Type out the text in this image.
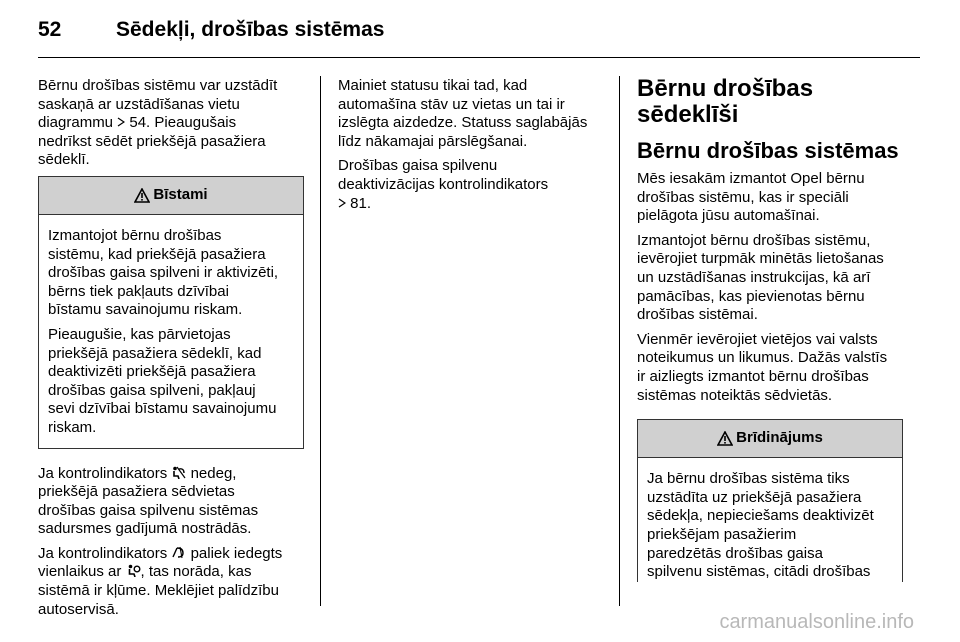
52	Sēdekļi, drošības sistēmas

Bērnu drošības sistēmu var uzstādīt
saskaņā ar uzstādīšanas vietu
diagrammu  54. Pieaugušais
nedrīkst sēdēt priekšējā pasažiera
sēdeklī.

Bīstami

Izmantojot bērnu drošības
sistēmu, kad priekšējā pasažiera
drošības gaisa spilveni ir aktivizēti,
bērns tiek pakļauts dzīvībai
bīstamu savainojumu riskam.

Pieaugušie, kas pārvietojas
priekšējā pasažiera sēdeklī, kad
deaktivizēti priekšējā pasažiera
drošības gaisa spilveni, pakļauj
sevi dzīvībai bīstamu savainojumu
riskam.

Ja kontrolindikators  nedeg,
priekšējā pasažiera sēdvietas
drošības gaisa spilvenu sistēmas
sadursmes gadījumā nostrādās.

Ja kontrolindikators  paliek iedegts
vienlaikus ar , tas norāda, kas
sistēmā ir kļūme. Meklējiet palīdzību
autoservisā.

Mainiet statusu tikai tad, kad
automašīna stāv uz vietas un tai ir
izslēgta aizdedze. Statuss saglabājās
līdz nākamajai pārslēgšanai.

Drošības gaisa spilvenu
deaktivizācijas kontrolindikators
81.

Bērnu drošības
sēdeklīši
Bērnu drošības sistēmas

Mēs iesakām izmantot Opel bērnu
drošības sistēmu, kas ir speciāli
pielāgota jūsu automašīnai.

Izmantojot bērnu drošības sistēmu,
ievērojiet turpmāk minētās lietošanas
un uzstādīšanas instrukcijas, kā arī
pamācības, kas pievienotas bērnu
drošības sistēmai.

Vienmēr ievērojiet vietējos vai valsts
noteikumus un likumus. Dažās valstīs
ir aizliegts izmantot bērnu drošības
sistēmas noteiktās sēdvietās.

Brīdinājums

Ja bērnu drošības sistēma tiks
uzstādīta uz priekšējā pasažiera
sēdekļa, nepieciešams deaktivizēt
priekšējam pasažierim
paredzētās drošības gaisa
spilvenu sistēmas, citādi drošības

carmanualsonline.info
